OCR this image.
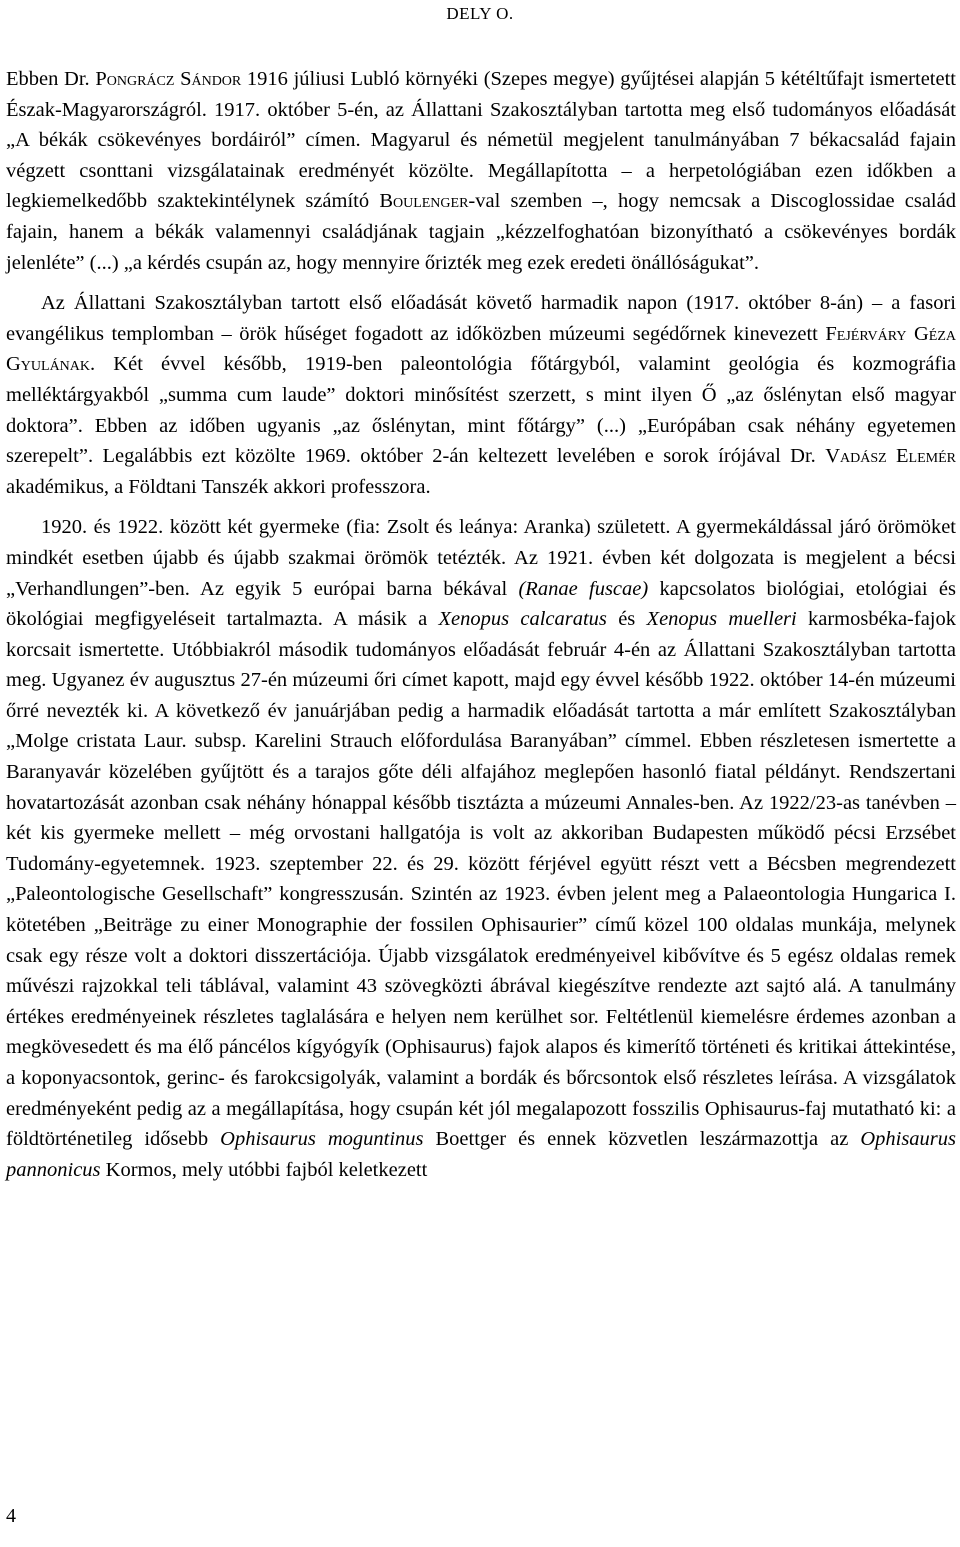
DELY O.

Ebben Dr. Pongrácz Sándor 1916 júliusi Lubló környéki (Szepes megye) gyűjtései alapján 5 kétéltűfajt ismertetett Észak-Magyarországról. 1917. október 5-én, az Állattani Szakosztályban tartotta meg első tudományos előadását „A békák csökevényes bordáiról” címen. Magyarul és németül megjelent tanulmányában 7 békacsalád fajain végzett csonttani vizsgálatainak eredményét közölte. Megállapította – a herpetológiában ezen időkben a legkiemelkedőbb szaktekintélynek számító Boulenger-val szemben –, hogy nemcsak a Discoglossidae család fajain, hanem a békák valamennyi családjának tagjain „kézzelfoghatóan bizonyítható a csökevényes bordák jelenléte” (...) „a kérdés csupán az, hogy mennyire őrizték meg ezek eredeti önállóságukat”.

Az Állattani Szakosztályban tartott első előadását követő harmadik napon (1917. október 8-án) – a fasori evangélikus templomban – örök hűséget fogadott az időközben múzeumi segédőrnek kinevezett Fejérváry Géza Gyulának. Két évvel később, 1919-ben paleontológia főtárgyból, valamint geológia és kozmográfia melléktárgyakból „summa cum laude” doktori minősítést szerzett, s mint ilyen Ő „az őslénytan első magyar doktora”. Ebben az időben ugyanis „az őslénytan, mint főtárgy” (...) „Európában csak néhány egyetemen szerepelt”. Legalábbis ezt közölte 1969. október 2-án keltezett levelében e sorok írójával Dr. Vadász Elemér akadémikus, a Földtani Tanszék akkori professzora.

1920. és 1922. között két gyermeke (fia: Zsolt és leánya: Aranka) született. A gyermekáldással járó örömöket mindkét esetben újabb és újabb szakmai örömök tetézték. Az 1921. évben két dolgozata is megjelent a bécsi „Verhandlungen”-ben. Az egyik 5 európai barna békával (Ranae fuscae) kapcsolatos biológiai, etológiai és ökológiai megfigyeléseit tartalmazta. A másik a Xenopus calcaratus és Xenopus muelleri karmosbéka-fajok korcsait ismertette. Utóbbiakról második tudományos előadását február 4-én az Állattani Szakosztályban tartotta meg. Ugyanez év augusztus 27-én múzeumi őri címet kapott, majd egy évvel később 1922. október 14-én múzeumi őrré nevezték ki. A következő év januárjában pedig a harmadik előadását tartotta a már említett Szakosztályban „Molge cristata Laur. subsp. Karelini Strauch előfordulása Baranyában” címmel. Ebben részletesen ismertette a Baranyavár közelében gyűjtött és a tarajos gőte déli alfajához meglepően hasonló fiatal példányt. Rendszertani hovatartozását azonban csak néhány hónappal később tisztázta a múzeumi Annales-ben. Az 1922/23-as tanévben – két kis gyermeke mellett – még orvostani hallgatója is volt az akkoriban Budapesten működő pécsi Erzsébet Tudomány-egyetemnek. 1923. szeptember 22. és 29. között férjével együtt részt vett a Bécsben megrendezett „Paleontologische Gesellschaft” kongresszusán. Szintén az 1923. évben jelent meg a Palaeontologia Hungarica I. kötetében „Beiträge zu einer Monographie der fossilen Ophisaurier” című közel 100 oldalas munkája, melynek csak egy része volt a doktori disszertációja. Újabb vizsgálatok eredményeivel kibővítve és 5 egész oldalas remek művészi rajzokkal teli táblával, valamint 43 szövegközti ábrával kiegészítve rendezte azt sajtó alá. A tanulmány értékes eredményeinek részletes taglalására e helyen nem kerülhet sor. Feltétlenül kiemelésre érdemes azonban a megkövesedett és ma élő páncélos kígyógyík (Ophisaurus) fajok alapos és kimerítő történeti és kritikai áttekintése, a koponyacsontok, gerinc- és farokcsigolyák, valamint a bordák és bőrcsontok első részletes leírása. A vizsgálatok eredményeként pedig az a megállapítása, hogy csupán két jól megalapozott fosszilis Ophisaurus-faj mutatható ki: a földtörténetileg idősebb Ophisaurus moguntinus Boettger és ennek közvetlen leszármazottja az Ophisaurus pannonicus Kormos, mely utóbbi fajból keletkezett

4
